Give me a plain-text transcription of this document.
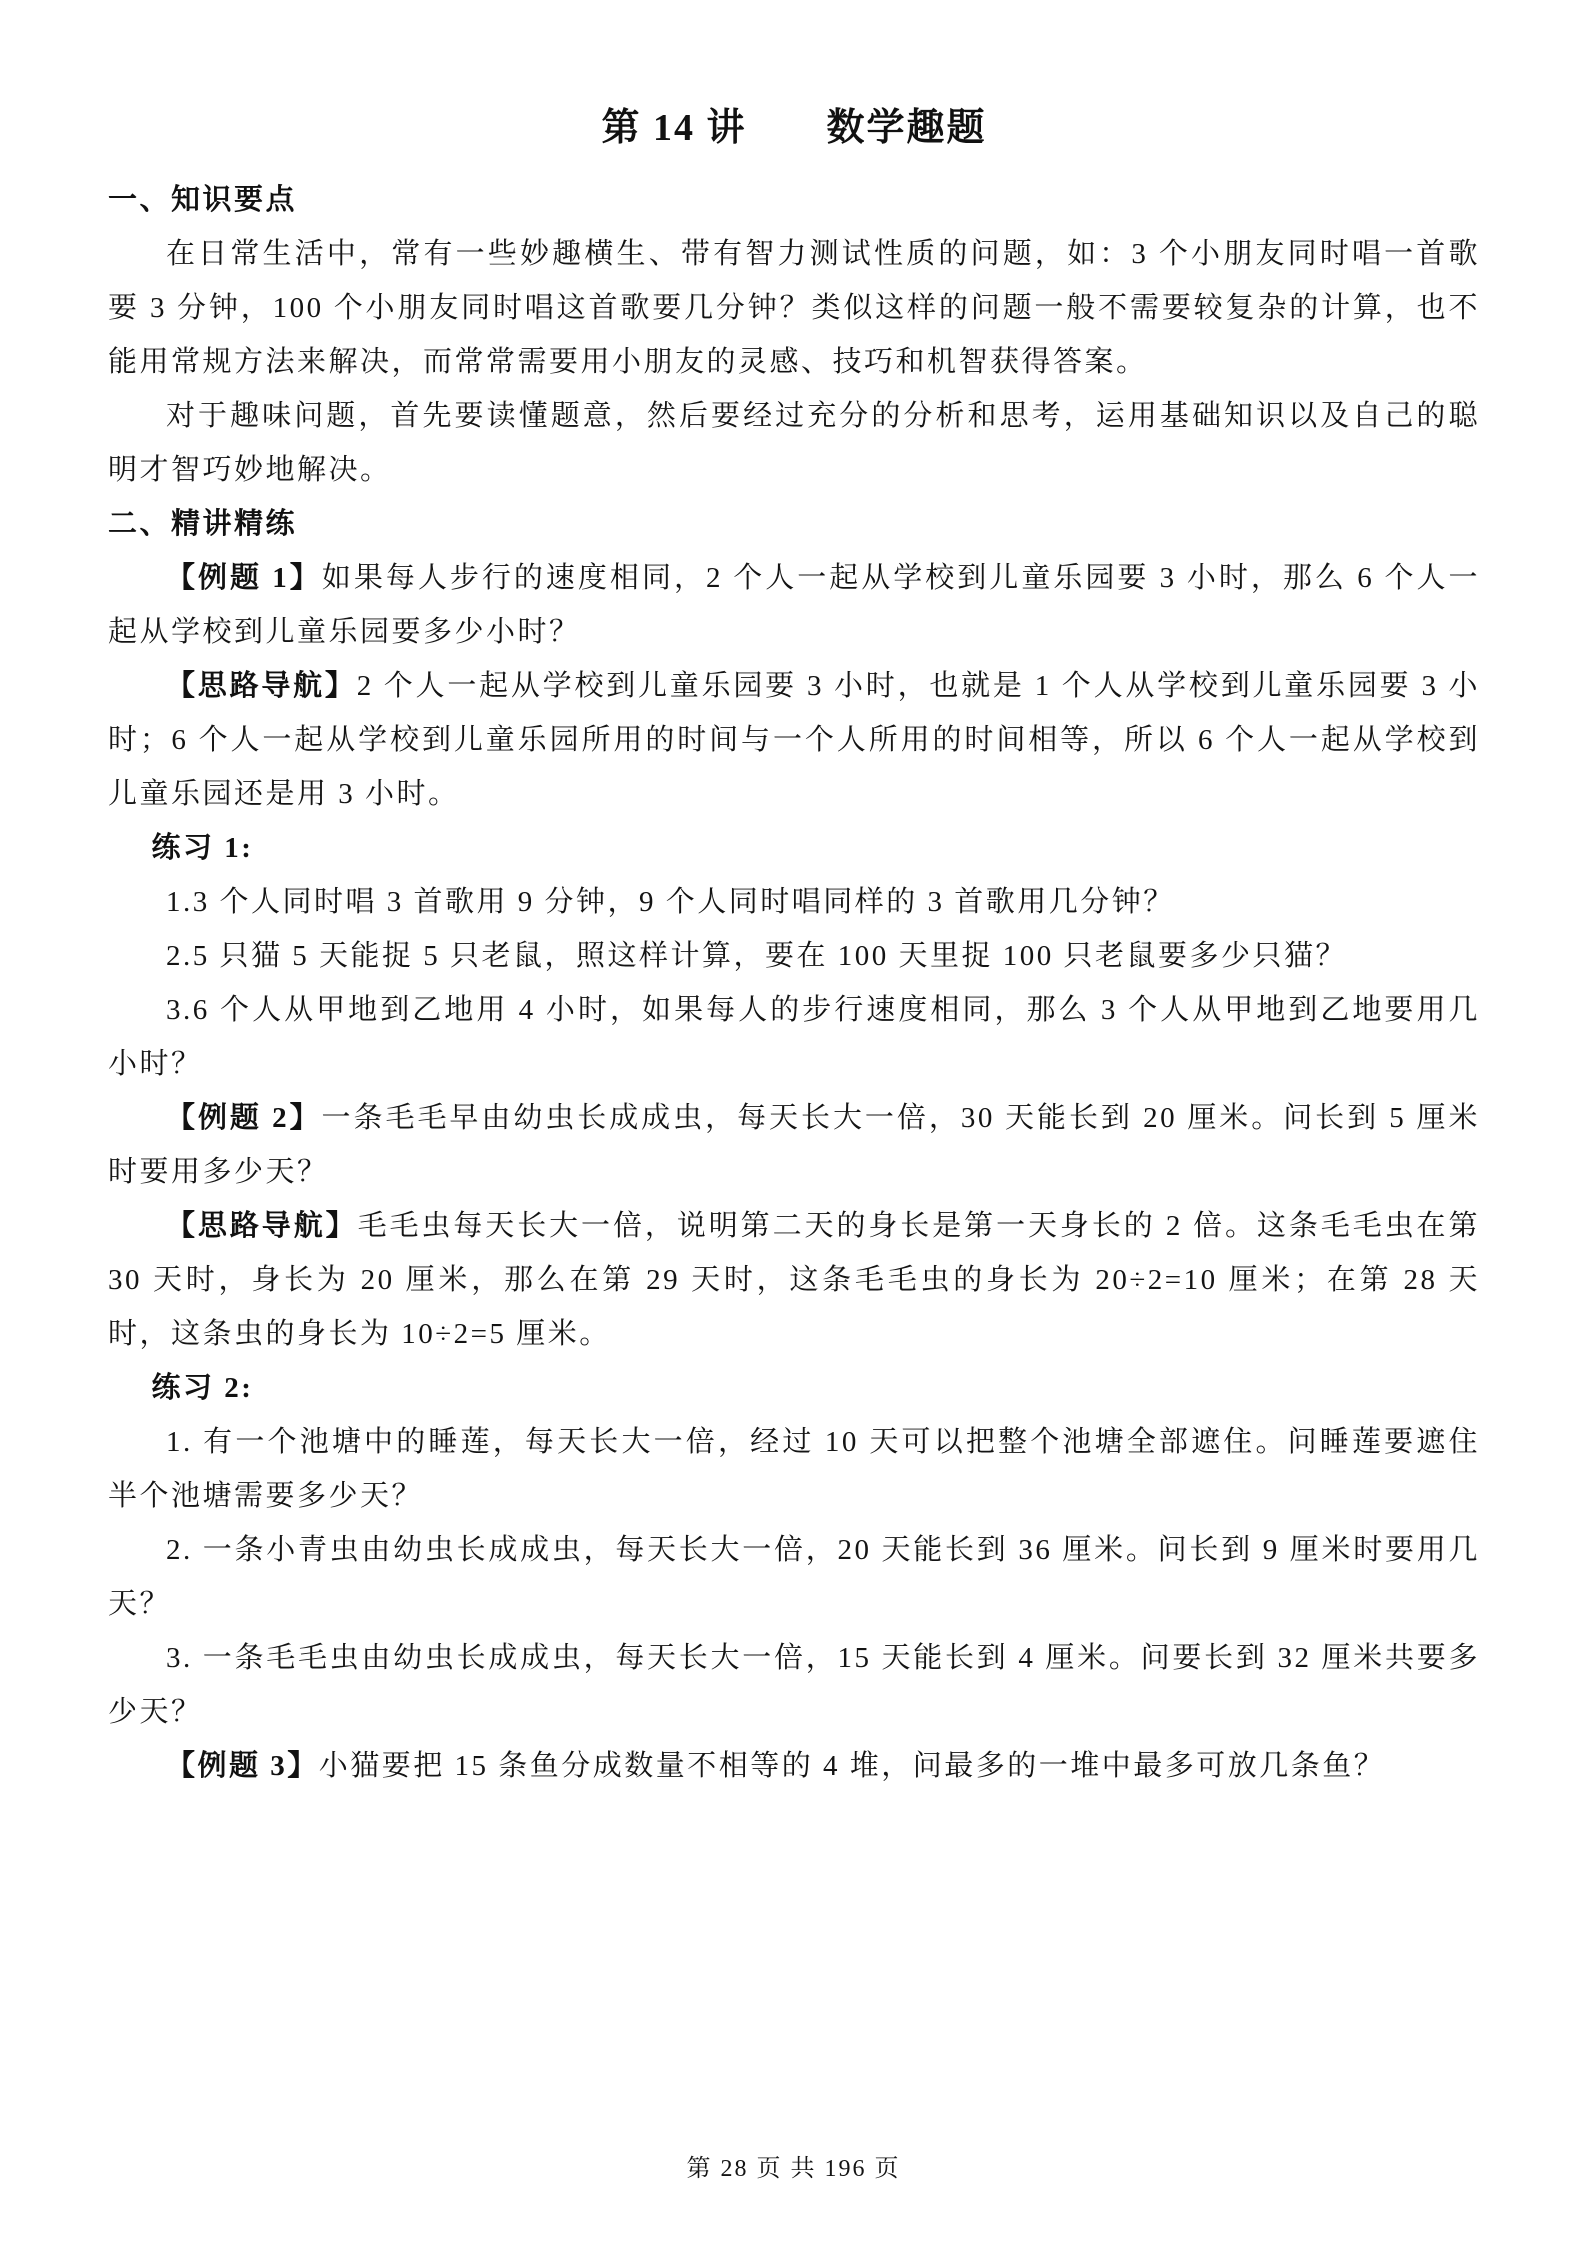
第 14 讲　　数学趣题
一、知识要点

在日常生活中，常有一些妙趣横生、带有智力测试性质的问题，如：3 个小朋友同时唱一首歌要 3 分钟，100 个小朋友同时唱这首歌要几分钟？类似这样的问题一般不需要较复杂的计算，也不能用常规方法来解决，而常常需要用小朋友的灵感、技巧和机智获得答案。

对于趣味问题，首先要读懂题意，然后要经过充分的分析和思考，运用基础知识以及自己的聪明才智巧妙地解决。

二、精讲精练

【例题 1】如果每人步行的速度相同，2 个人一起从学校到儿童乐园要 3 小时，那么 6 个人一起从学校到儿童乐园要多少小时？

【思路导航】2 个人一起从学校到儿童乐园要 3 小时，也就是 1 个人从学校到儿童乐园要 3 小时；6 个人一起从学校到儿童乐园所用的时间与一个人所用的时间相等，所以 6 个人一起从学校到儿童乐园还是用 3 小时。

练习 1:

1.3 个人同时唱 3 首歌用 9 分钟，9 个人同时唱同样的 3 首歌用几分钟？

2.5 只猫 5 天能捉 5 只老鼠，照这样计算，要在 100 天里捉 100 只老鼠要多少只猫？

3.6 个人从甲地到乙地用 4 小时，如果每人的步行速度相同，那么 3 个人从甲地到乙地要用几小时？

【例题 2】一条毛毛早由幼虫长成成虫，每天长大一倍，30 天能长到 20 厘米。问长到 5 厘米时要用多少天？

【思路导航】毛毛虫每天长大一倍，说明第二天的身长是第一天身长的 2 倍。这条毛毛虫在第 30 天时，身长为 20 厘米，那么在第 29 天时，这条毛毛虫的身长为 20÷2=10 厘米；在第 28 天时，这条虫的身长为 10÷2=5 厘米。

练习 2:

1. 有一个池塘中的睡莲，每天长大一倍，经过 10 天可以把整个池塘全部遮住。问睡莲要遮住半个池塘需要多少天？

2. 一条小青虫由幼虫长成成虫，每天长大一倍，20 天能长到 36 厘米。问长到 9 厘米时要用几天？

3. 一条毛毛虫由幼虫长成成虫，每天长大一倍，15 天能长到 4 厘米。问要长到 32 厘米共要多少天？

【例题 3】小猫要把 15 条鱼分成数量不相等的 4 堆，问最多的一堆中最多可放几条鱼？

第 28 页 共 196 页
